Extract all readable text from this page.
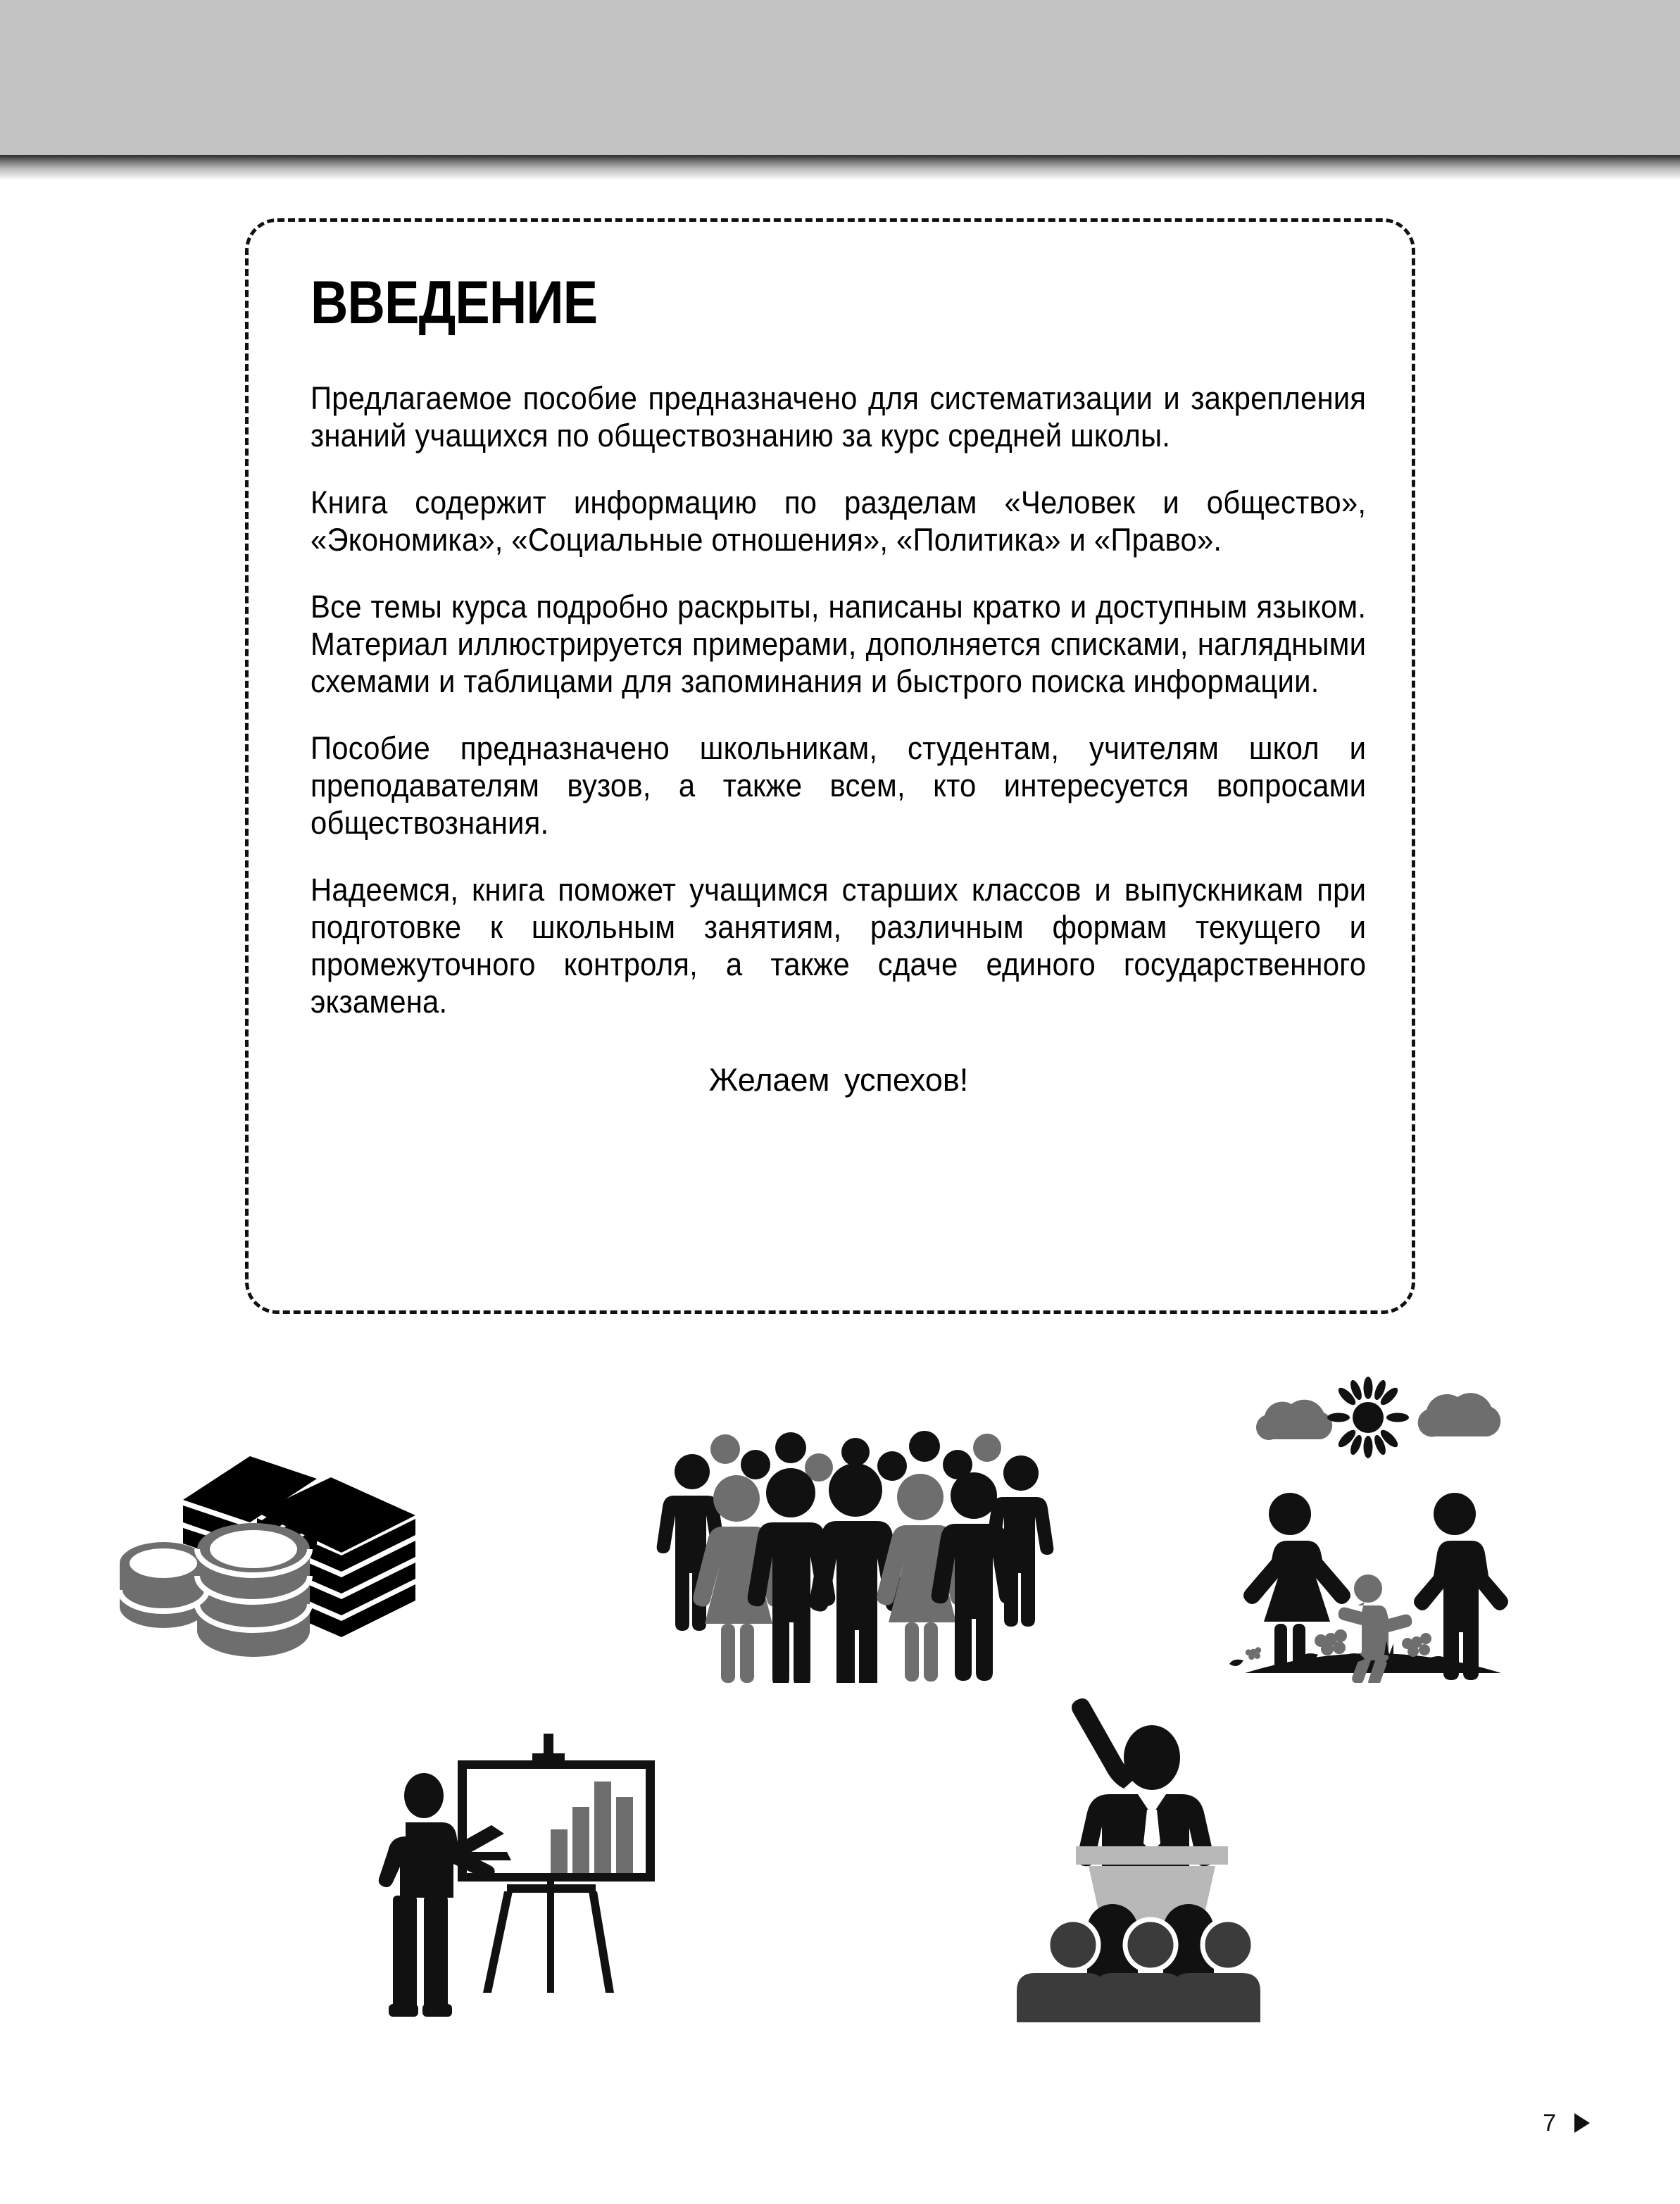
ВВЕДЕНИЕ

Предлагаемое пособие предназначено для систематизации и закрепления знаний учащихся по обществознанию за курс средней школы.

Книга содержит информацию по разделам «Человек и общество», «Экономика», «Социальные отношения», «Политика» и «Право».

Все темы курса подробно раскрыты, написаны кратко и доступным языком. Материал иллюстрируется примерами, дополняется списками, наглядными схемами и таблицами для запоминания и быстрого поиска информации.

Пособие предназначено школьникам, студентам, учителям школ и преподавателям вузов, а также всем, кто интересуется вопросами обществознания.

Надеемся, книга поможет учащимся старших классов и выпускникам при подготовке к школьным занятиям, различным формам текущего и промежуточного контроля, а также сдаче единого государственного экзамена.

Желаем успехов!

7
